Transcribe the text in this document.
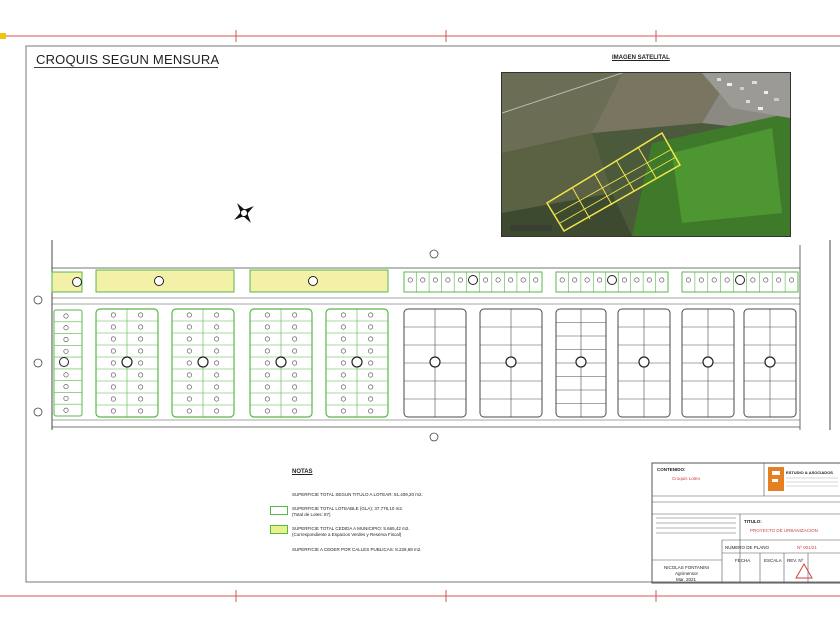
CROQUIS SEGUN MENSURA	IMAGEN SATELITAL
NOTAS
SUPERFICIE TOTAL SEGUN TITULO A LOTEAR: 51.409,20 m2.
SUPERFICIE TOTAL LOTEABLE (GLA): 37.776,10 m2.
(Total de Lotes: 87)
SUPERFICIE TOTAL CEDIDA A MUNICIPIO: 5.665,42 m2.
(Correspondiente a Espacios Verdes y Reserva Fiscal)
SUPERFICIE A CEDER POR CALLES PUBLICAS: 8.228,68 m2.
CONTENIDO:
Croquis Loteo
ESTUDIO & ASOCIADOS
TITULO:
PROYECTO DE URBANIZACION
NUMERO DE PLANO	Nº 001/21
FECHA	ESCALA REV. Nº
NICOLAS FONTANINI
Agrimensor
Mar. 2021
